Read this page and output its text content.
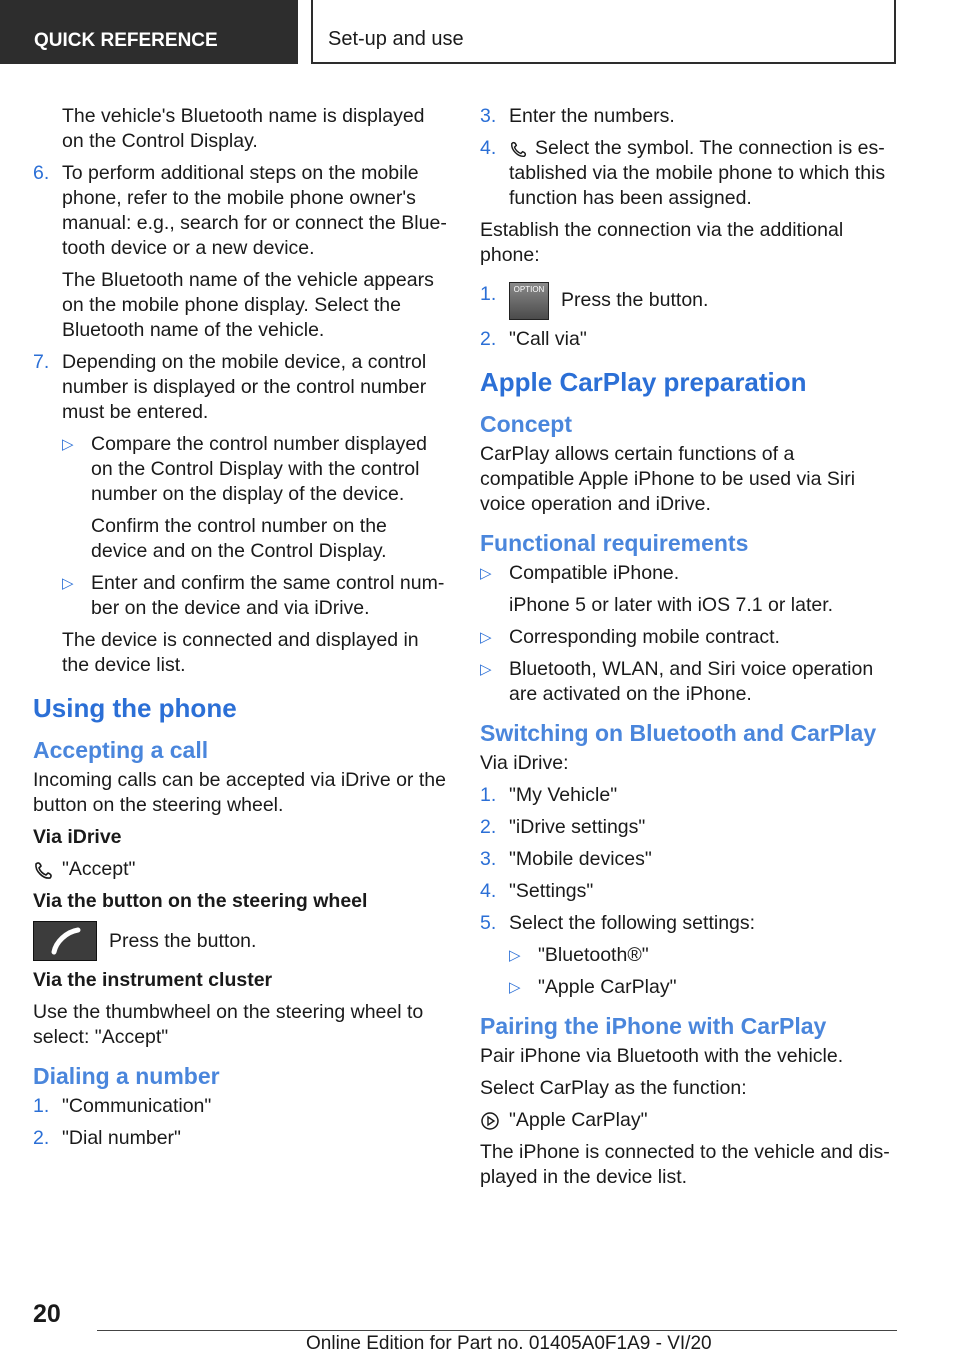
QUICK REFERENCE	Set-up and use

The vehicle's Bluetooth name is displayed on the Control Display.

6. To perform additional steps on the mobile phone, refer to the mobile phone owner's manual: e.g., search for or connect the Bluetooth device or a new device.

The Bluetooth name of the vehicle appears on the mobile phone display. Select the Bluetooth name of the vehicle.

7. Depending on the mobile device, a control number is displayed or the control number must be entered.
▷ Compare the control number displayed on the Control Display with the control number on the display of the device.

Confirm the control number on the device and on the Control Display.

▷ Enter and confirm the same control number on the device and via iDrive.

The device is connected and displayed in the device list.

Using the phone
Accepting a call

Incoming calls can be accepted via iDrive or the button on the steering wheel.

Via iDrive

"Accept"

Via the button on the steering wheel

Press the button.

Via the instrument cluster

Use the thumbwheel on the steering wheel to select: "Accept"

Dialing a number
1. "Communication"
2. "Dial number"
3. Enter the numbers.
4. Select the symbol. The connection is established via the mobile phone to which this function has been assigned.

Establish the connection via the additional phone:

1. OPTION Press the button.
2. "Call via"
Apple CarPlay preparation
Concept

CarPlay allows certain functions of a compatible Apple iPhone to be used via Siri voice operation and iDrive.

Functional requirements
▷ Compatible iPhone.

iPhone 5 or later with iOS 7.1 or later.

▷ Corresponding mobile contract.
▷ Bluetooth, WLAN, and Siri voice operation are activated on the iPhone.
Switching on Bluetooth and CarPlay

Via iDrive:

1. "My Vehicle"
2. "iDrive settings"
3. "Mobile devices"
4. "Settings"
5. Select the following settings:
▷ "Bluetooth®"
▷ "Apple CarPlay"
Pairing the iPhone with CarPlay

Pair iPhone via Bluetooth with the vehicle.

Select CarPlay as the function:

"Apple CarPlay"

The iPhone is connected to the vehicle and displayed in the device list.

20
Online Edition for Part no. 01405A0F1A9 - VI/20
